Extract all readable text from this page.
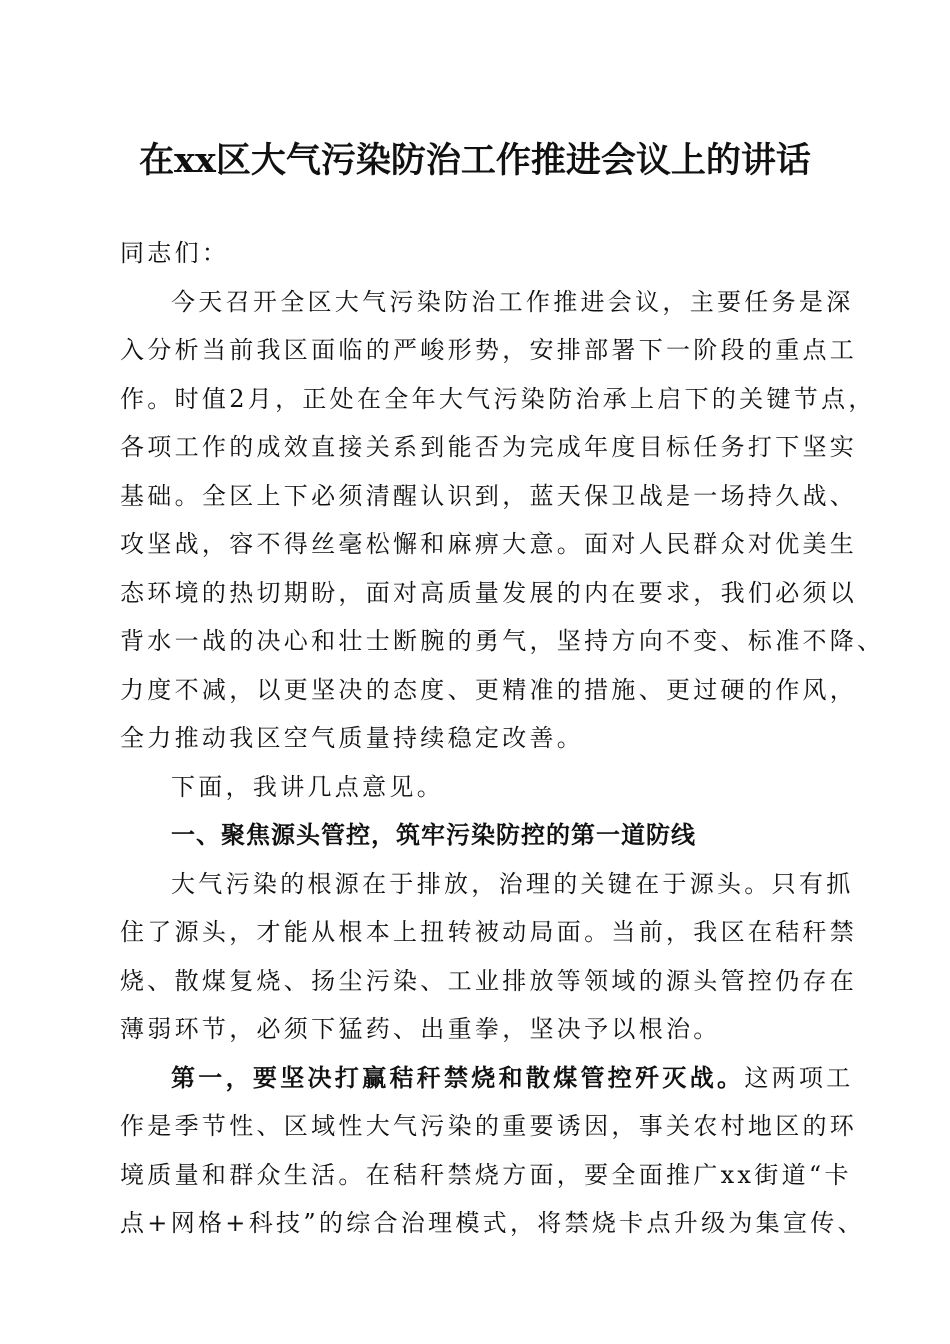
在xx区大气污染防治工作推进会议上的讲话
同志们：
今天召开全区大气污染防治工作推进会议，主要任务是深
入分析当前我区面临的严峻形势，安排部署下一阶段的重点工
作。时值2月，正处在全年大气污染防治承上启下的关键节点，
各项工作的成效直接关系到能否为完成年度目标任务打下坚实
基础。全区上下必须清醒认识到，蓝天保卫战是一场持久战、
攻坚战，容不得丝毫松懈和麻痹大意。面对人民群众对优美生
态环境的热切期盼，面对高质量发展的内在要求，我们必须以
背水一战的决心和壮士断腕的勇气，坚持方向不变、标准不降、
力度不减，以更坚决的态度、更精准的措施、更过硬的作风，
全力推动我区空气质量持续稳定改善。
下面，我讲几点意见。
一、聚焦源头管控，筑牢污染防控的第一道防线
大气污染的根源在于排放，治理的关键在于源头。只有抓
住了源头，才能从根本上扭转被动局面。当前，我区在秸秆禁
烧、散煤复烧、扬尘污染、工业排放等领域的源头管控仍存在
薄弱环节，必须下猛药、出重拳，坚决予以根治。
第一，要坚决打赢秸秆禁烧和散煤管控歼灭战。这两项工
作是季节性、区域性大气污染的重要诱因，事关农村地区的环
境质量和群众生活。在秸秆禁烧方面，要全面推广xx街道“卡
点+网格+科技”的综合治理模式，将禁烧卡点升级为集宣传、
